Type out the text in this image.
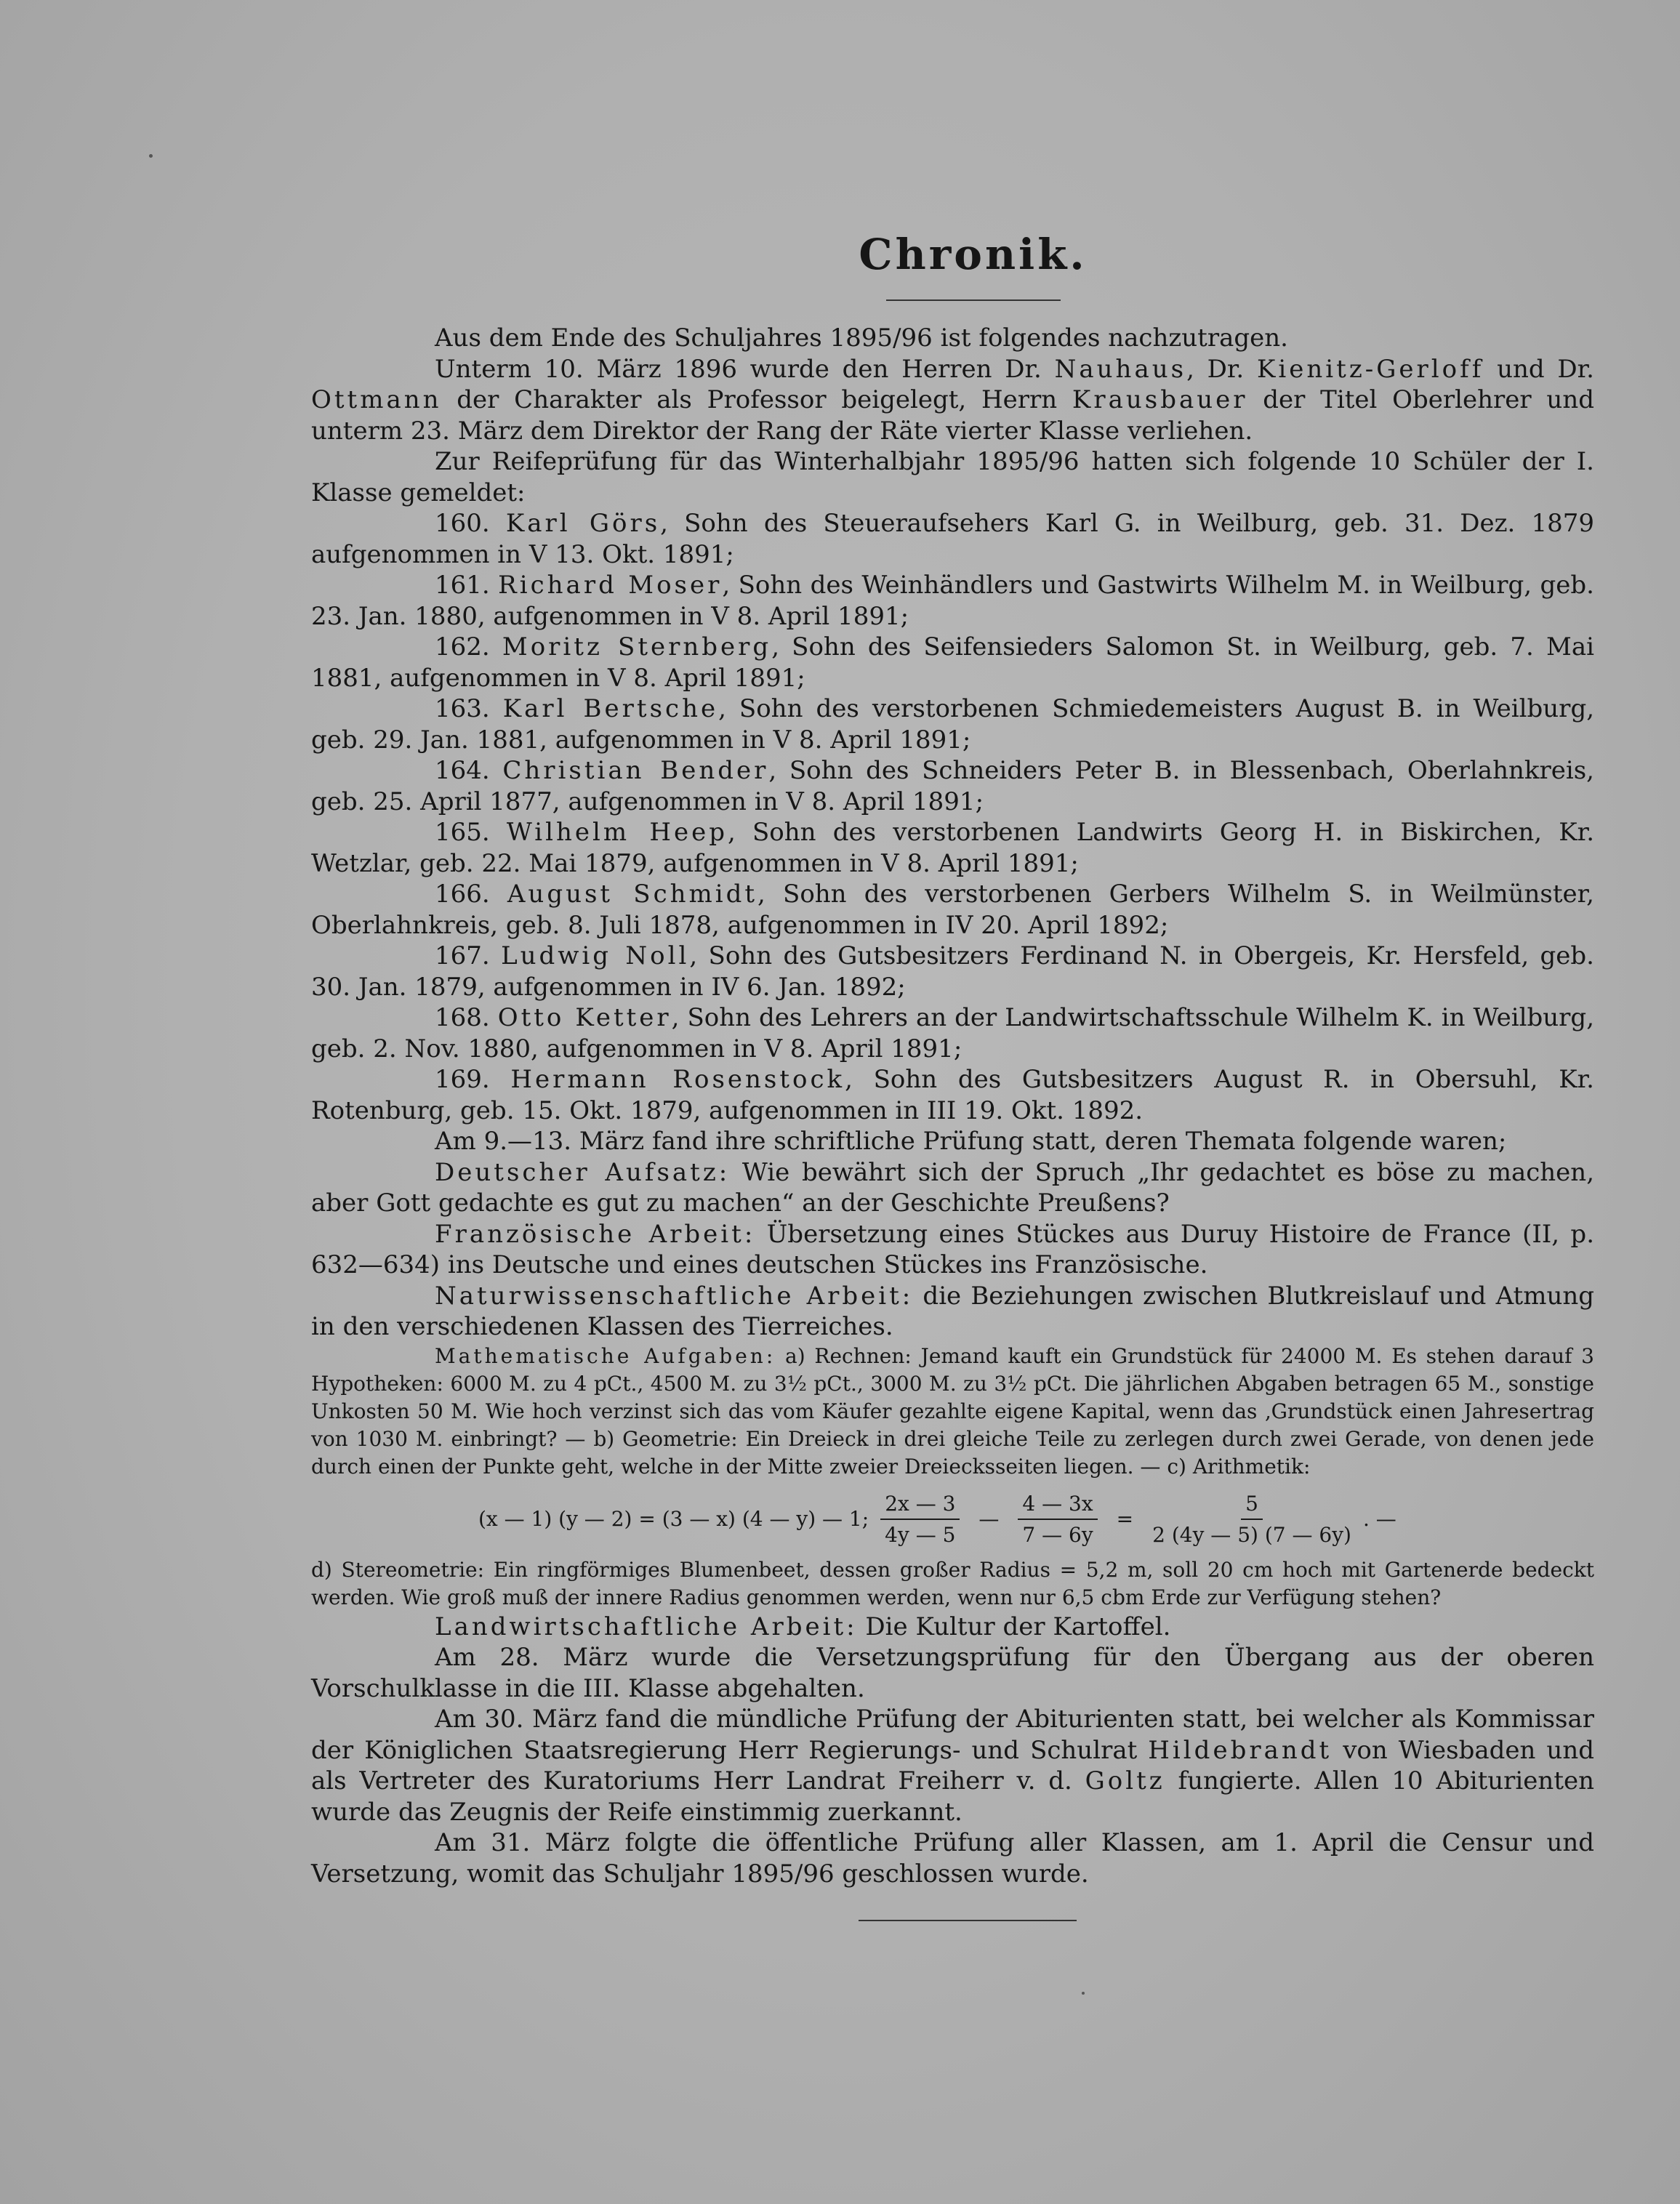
Chronik.

Aus dem Ende des Schuljahres 1895/96 ist folgendes nachzutragen.

Unterm 10. März 1896 wurde den Herren Dr. Nauhaus, Dr. Kienitz-Gerloff und Dr. Ottmann der Charakter als Professor beigelegt, Herrn Krausbauer der Titel Oberlehrer und unterm 23. März dem Direktor der Rang der Räte vierter Klasse verliehen.

Zur Reifeprüfung für das Winterhalbjahr 1895/96 hatten sich folgende 10 Schüler der I. Klasse gemeldet:

160. Karl Görs, Sohn des Steueraufsehers Karl G. in Weilburg, geb. 31. Dez. 1879 aufgenommen in V 13. Okt. 1891;

161. Richard Moser, Sohn des Weinhändlers und Gastwirts Wilhelm M. in Weilburg, geb. 23. Jan. 1880, aufgenommen in V 8. April 1891;

162. Moritz Sternberg, Sohn des Seifensieders Salomon St. in Weilburg, geb. 7. Mai 1881, aufgenommen in V 8. April 1891;

163. Karl Bertsche, Sohn des verstorbenen Schmiedemeisters August B. in Weilburg, geb. 29. Jan. 1881, aufgenommen in V 8. April 1891;

164. Christian Bender, Sohn des Schneiders Peter B. in Blessenbach, Oberlahnkreis, geb. 25. April 1877, aufgenommen in V 8. April 1891;

165. Wilhelm Heep, Sohn des verstorbenen Landwirts Georg H. in Biskirchen, Kr. Wetzlar, geb. 22. Mai 1879, aufgenommen in V 8. April 1891;

166. August Schmidt, Sohn des verstorbenen Gerbers Wilhelm S. in Weilmünster, Oberlahnkreis, geb. 8. Juli 1878, aufgenommen in IV 20. April 1892;

167. Ludwig Noll, Sohn des Gutsbesitzers Ferdinand N. in Obergeis, Kr. Hersfeld, geb. 30. Jan. 1879, aufgenommen in IV 6. Jan. 1892;

168. Otto Ketter, Sohn des Lehrers an der Landwirtschaftsschule Wilhelm K. in Weilburg, geb. 2. Nov. 1880, aufgenommen in V 8. April 1891;

169. Hermann Rosenstock, Sohn des Gutsbesitzers August R. in Obersuhl, Kr. Rotenburg, geb. 15. Okt. 1879, aufgenommen in III 19. Okt. 1892.

Am 9.—13. März fand ihre schriftliche Prüfung statt, deren Themata folgende waren;

Deutscher Aufsatz: Wie bewährt sich der Spruch „Ihr gedachtet es böse zu machen, aber Gott gedachte es gut zu machen“ an der Geschichte Preußens?

Französische Arbeit: Übersetzung eines Stückes aus Duruy Histoire de France (II, p. 632—634) ins Deutsche und eines deutschen Stückes ins Französische.

Naturwissenschaftliche Arbeit: die Beziehungen zwischen Blutkreislauf und Atmung in den verschiedenen Klassen des Tierreiches.

Mathematische Aufgaben: a) Rechnen: Jemand kauft ein Grundstück für 24000 M. Es stehen darauf 3 Hypotheken: 6000 M. zu 4 pCt., 4500 M. zu 3½ pCt., 3000 M. zu 3½ pCt. Die jährlichen Abgaben betragen 65 M., sonstige Unkosten 50 M. Wie hoch verzinst sich das vom Käufer gezahlte eigene Kapital, wenn das ‚Grundstück einen Jahresertrag von 1030 M. einbringt? — b) Geometrie: Ein Dreieck in drei gleiche Teile zu zerlegen durch zwei Gerade, von denen jede durch einen der Punkte geht, welche in der Mitte zweier Dreiecksseiten liegen. — c) Arithmetik:

(x — 1) (y — 2) = (3 — x) (4 — y) — 1; $\frac{2x — 3}{4y — 5}$ — $\frac{4 — 3x}{7 — 6y} = \frac{5}{2 (4y — 5) (7 — 6y)}$ . —

d) Stereometrie: Ein ringförmiges Blumenbeet, dessen großer Radius = 5,2 m, soll 20 cm hoch mit Gartenerde bedeckt werden. Wie groß muß der innere Radius genommen werden, wenn nur 6,5 cbm Erde zur Verfügung stehen?

Landwirtschaftliche Arbeit: Die Kultur der Kartoffel.

Am 28. März wurde die Versetzungsprüfung für den Übergang aus der oberen Vorschulklasse in die III. Klasse abgehalten.

Am 30. März fand die mündliche Prüfung der Abiturienten statt, bei welcher als Kommissar der Königlichen Staatsregierung Herr Regierungs- und Schulrat Hildebrandt von Wiesbaden und als Vertreter des Kuratoriums Herr Landrat Freiherr v. d. Goltz fungierte. Allen 10 Abiturienten wurde das Zeugnis der Reife einstimmig zuerkannt.

Am 31. März folgte die öffentliche Prüfung aller Klassen, am 1. April die Censur und Versetzung, womit das Schuljahr 1895/96 geschlossen wurde.
